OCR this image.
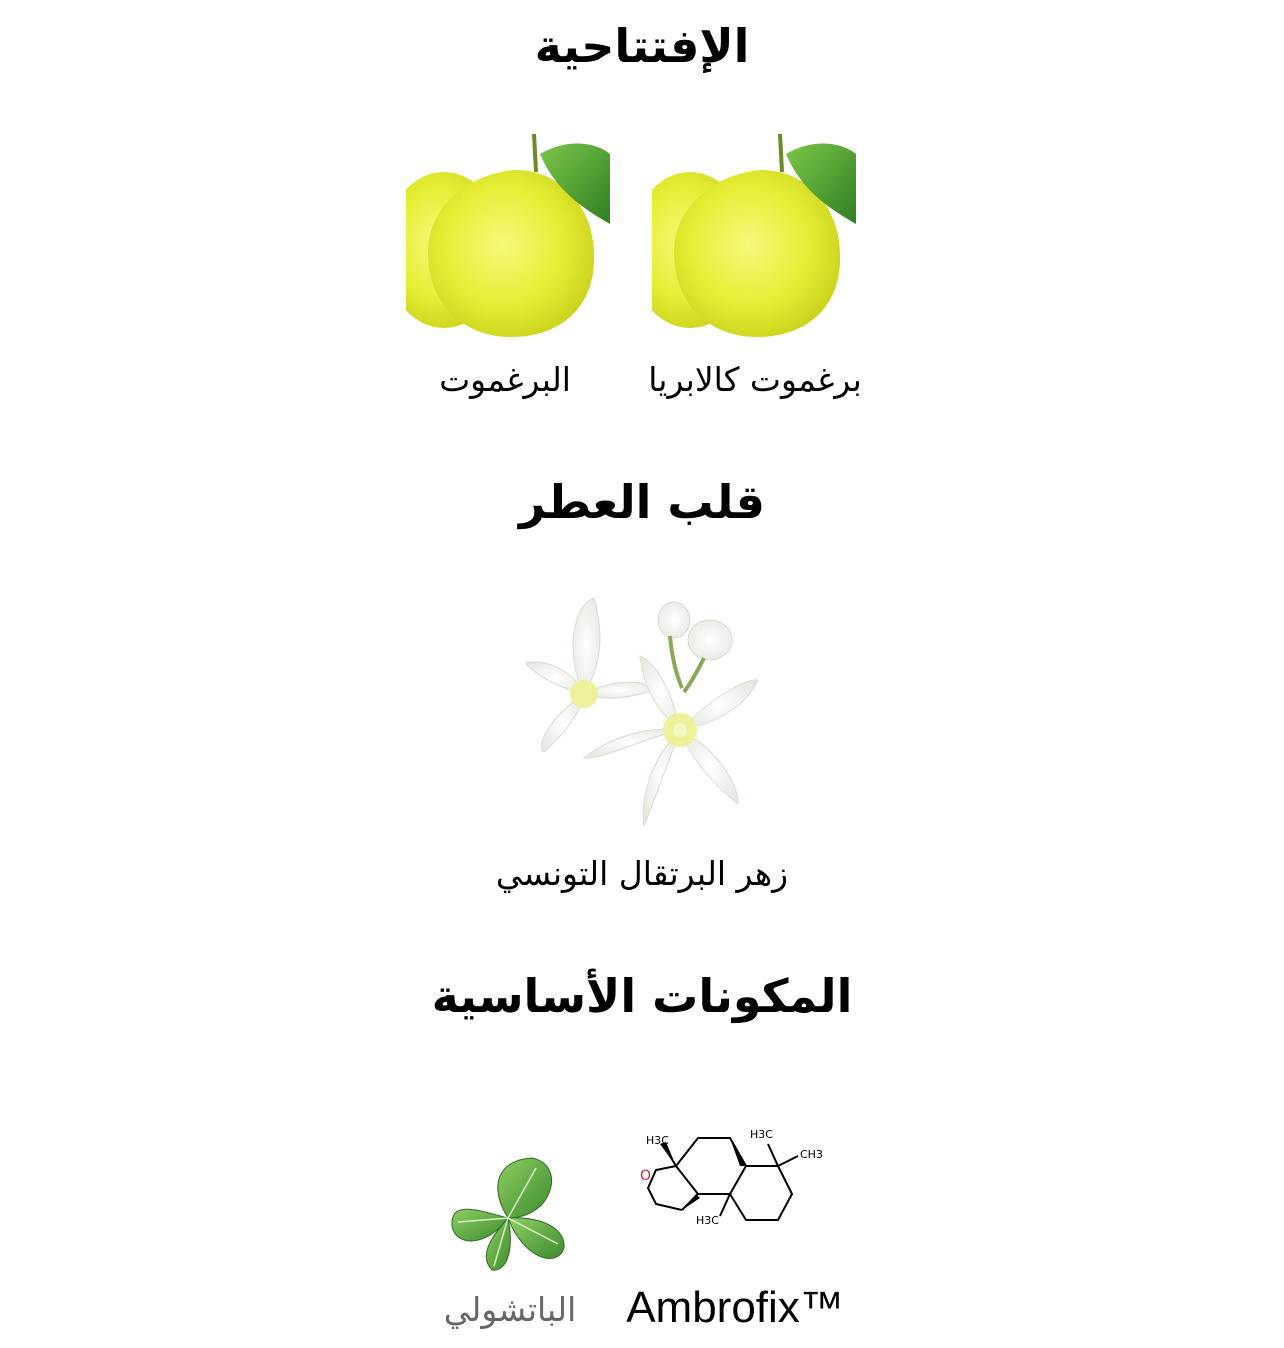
الإفتتاحية
برغموت كالابريا
البرغموت
قلب العطر
زهر البرتقال التونسي
المكونات الأساسية
H3C	H3C
CH3
O
H3C
Ambrofix™
الباتشولي
